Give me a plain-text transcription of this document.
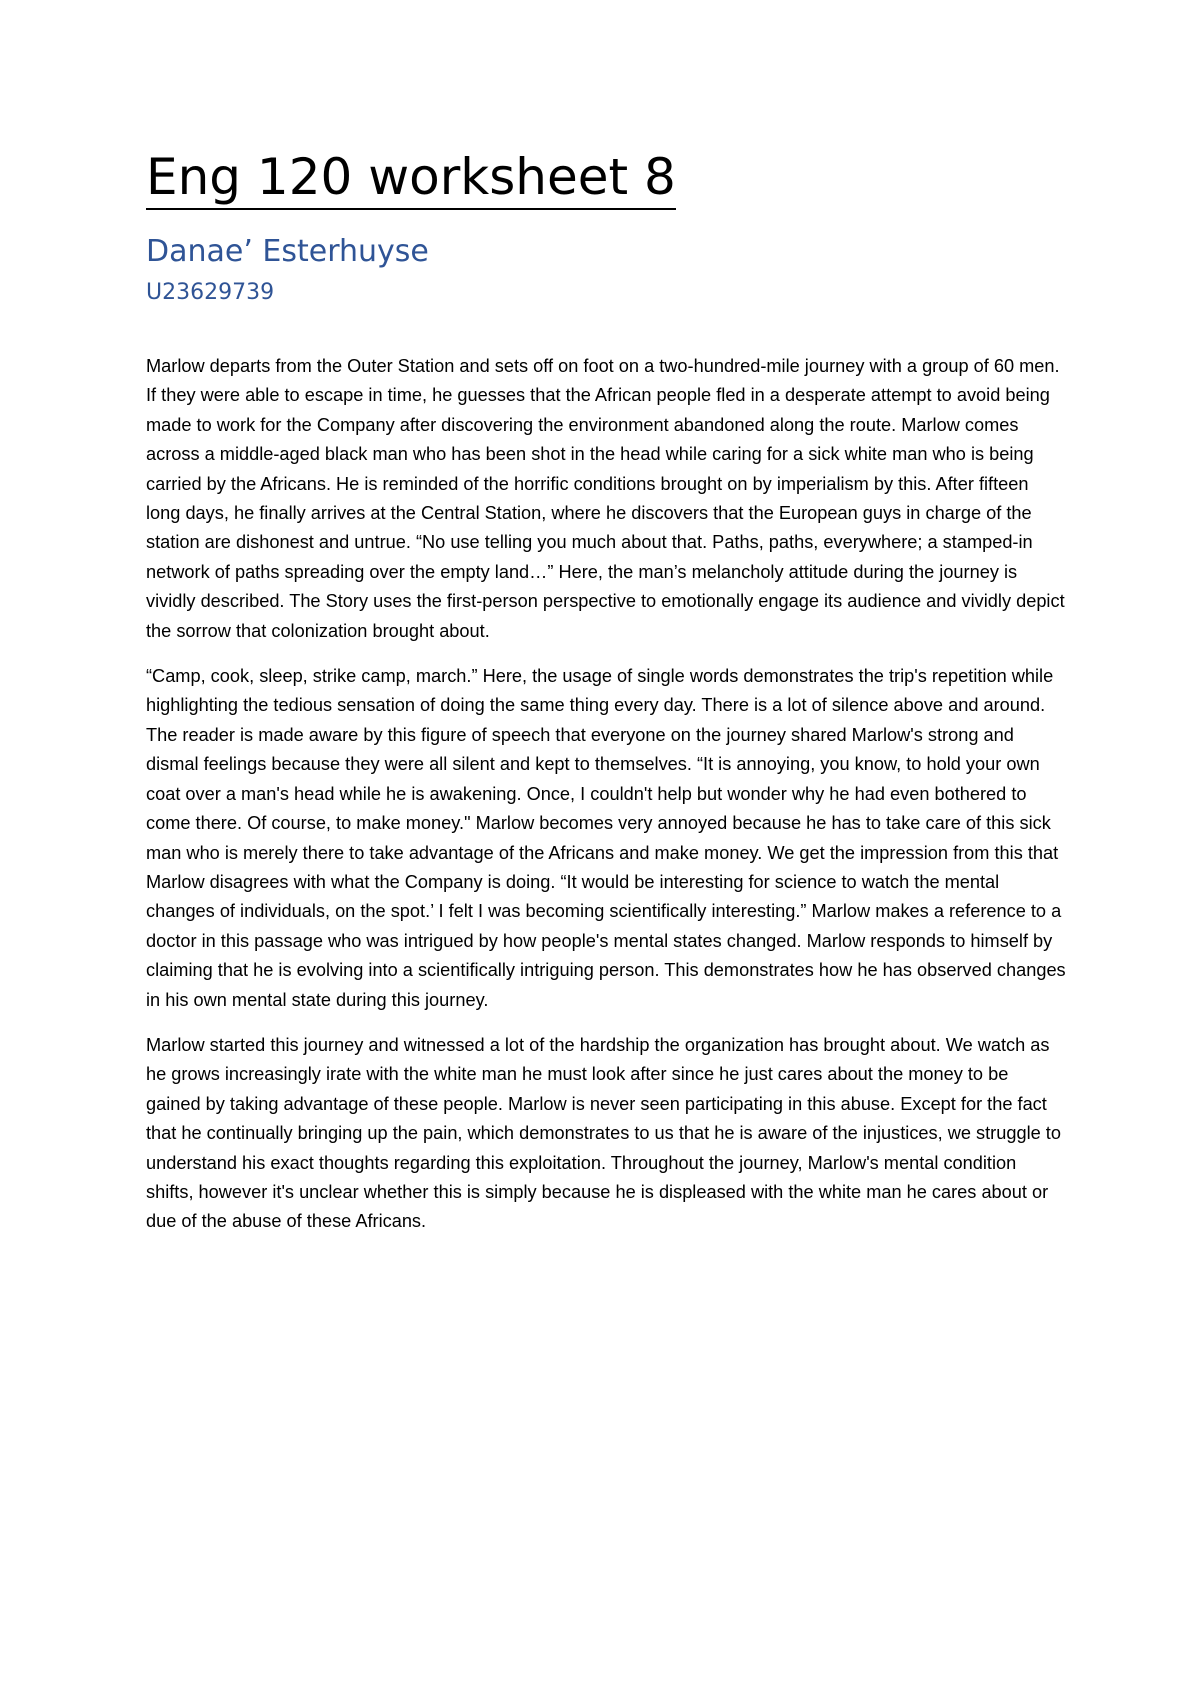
Eng 120 worksheet 8
Danae’ Esterhuyse
U23629739

Marlow departs from the Outer Station and sets off on foot on a two-hundred-mile journey with a group of 60 men. If they were able to escape in time, he guesses that the African people fled in a desperate attempt to avoid being made to work for the Company after discovering the environment abandoned along the route. Marlow comes across a middle-aged black man who has been shot in the head while caring for a sick white man who is being carried by the Africans. He is reminded of the horrific conditions brought on by imperialism by this. After fifteen long days, he finally arrives at the Central Station, where he discovers that the European guys in charge of the station are dishonest and untrue. “No use telling you much about that. Paths, paths, everywhere; a stamped-in network of paths spreading over the empty land…” Here, the man’s melancholy attitude during the journey is vividly described. The Story uses the first-person perspective to emotionally engage its audience and vividly depict the sorrow that colonization brought about.

“Camp, cook, sleep, strike camp, march.” Here, the usage of single words demonstrates the trip's repetition while highlighting the tedious sensation of doing the same thing every day. There is a lot of silence above and around. The reader is made aware by this figure of speech that everyone on the journey shared Marlow's strong and dismal feelings because they were all silent and kept to themselves. “It is annoying, you know, to hold your own coat over a man's head while he is awakening. Once, I couldn't help but wonder why he had even bothered to come there. Of course, to make money." Marlow becomes very annoyed because he has to take care of this sick man who is merely there to take advantage of the Africans and make money. We get the impression from this that Marlow disagrees with what the Company is doing. “It would be interesting for science to watch the mental changes of individuals, on the spot.’ I felt I was becoming scientifically interesting.” Marlow makes a reference to a doctor in this passage who was intrigued by how people's mental states changed. Marlow responds to himself by claiming that he is evolving into a scientifically intriguing person. This demonstrates how he has observed changes in his own mental state during this journey.

Marlow started this journey and witnessed a lot of the hardship the organization has brought about. We watch as he grows increasingly irate with the white man he must look after since he just cares about the money to be gained by taking advantage of these people. Marlow is never seen participating in this abuse. Except for the fact that he continually bringing up the pain, which demonstrates to us that he is aware of the injustices, we struggle to understand his exact thoughts regarding this exploitation. Throughout the journey, Marlow's mental condition shifts, however it's unclear whether this is simply because he is displeased with the white man he cares about or due of the abuse of these Africans.
